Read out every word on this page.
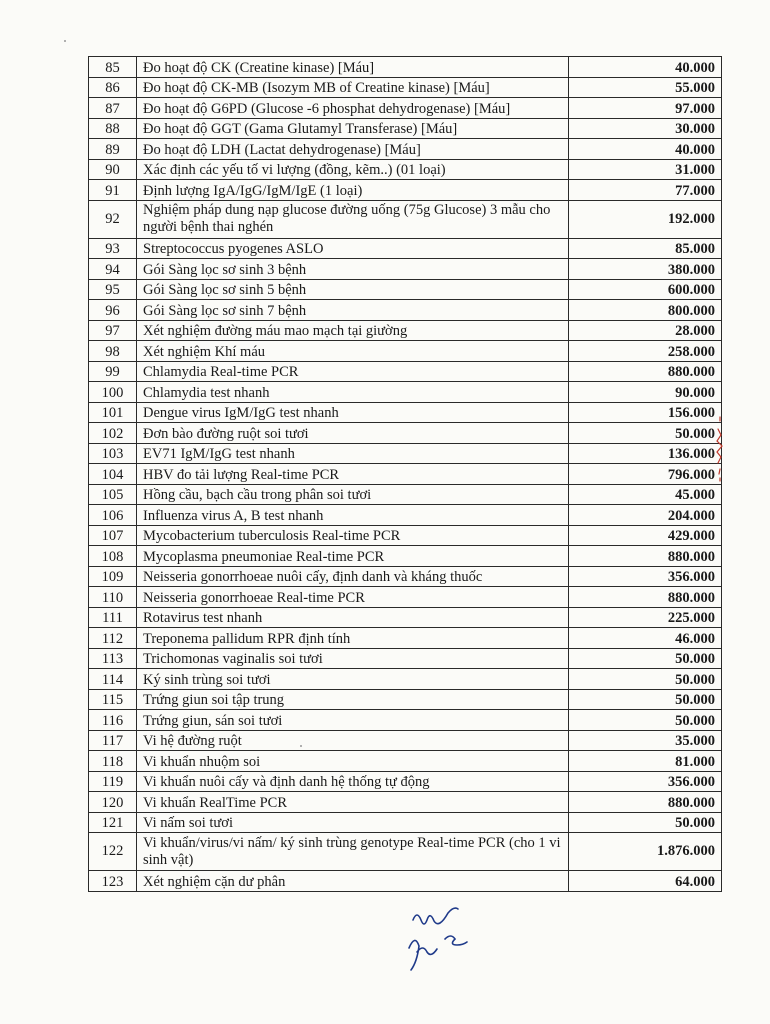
85	Đo hoạt độ CK (Creatine kinase) [Máu]	40.000
86	Đo hoạt độ CK-MB (Isozym MB of Creatine kinase) [Máu]	55.000
87	Đo hoạt độ G6PD (Glucose -6 phosphat dehydrogenase) [Máu]	97.000
88	Đo hoạt độ GGT (Gama Glutamyl Transferase) [Máu]	30.000
89	Đo hoạt độ LDH (Lactat dehydrogenase) [Máu]	40.000
90	Xác định các yếu tố vi lượng (đồng, kẽm..) (01 loại)	31.000
91	Định lượng IgA/IgG/IgM/IgE (1 loại)	77.000
92	Nghiệm pháp dung nạp glucose đường uống (75g Glucose) 3 mẫu cho người bệnh thai nghén	192.000
93	Streptococcus pyogenes ASLO	85.000
94	Gói Sàng lọc sơ sinh 3 bệnh	380.000
95	Gói Sàng lọc sơ sinh 5 bệnh	600.000
96	Gói Sàng lọc sơ sinh 7 bệnh	800.000
97	Xét nghiệm đường máu mao mạch tại giường	28.000
98	Xét nghiệm Khí máu	258.000
99	Chlamydia Real-time PCR	880.000
100	Chlamydia test nhanh	90.000
101	Dengue virus IgM/IgG test nhanh	156.000
102	Đơn bào đường ruột soi tươi	50.000
103	EV71 IgM/IgG test nhanh	136.000
104	HBV đo tải lượng Real-time PCR	796.000
105	Hồng cầu, bạch cầu trong phân soi tươi	45.000
106	Influenza virus A, B test nhanh	204.000
107	Mycobacterium tuberculosis Real-time PCR	429.000
108	Mycoplasma pneumoniae Real-time PCR	880.000
109	Neisseria gonorrhoeae nuôi cấy, định danh và kháng thuốc	356.000
110	Neisseria gonorrhoeae Real-time PCR	880.000
111	Rotavirus test nhanh	225.000
112	Treponema pallidum RPR định tính	46.000
113	Trichomonas vaginalis soi tươi	50.000
114	Ký sinh trùng soi tươi	50.000
115	Trứng giun soi tập trung	50.000
116	Trứng giun, sán soi tươi	50.000
117	Vi hệ đường ruột	35.000
118	Vi khuẩn nhuộm soi	81.000
119	Vi khuẩn nuôi cấy và định danh hệ thống tự động	356.000
120	Vi khuẩn RealTime PCR	880.000
121	Vi nấm soi tươi	50.000
122	Vi khuẩn/virus/vi nấm/ ký sinh trùng genotype Real-time PCR (cho 1 vi sinh vật)	1.876.000
123	Xét nghiệm cặn dư phân	64.000
